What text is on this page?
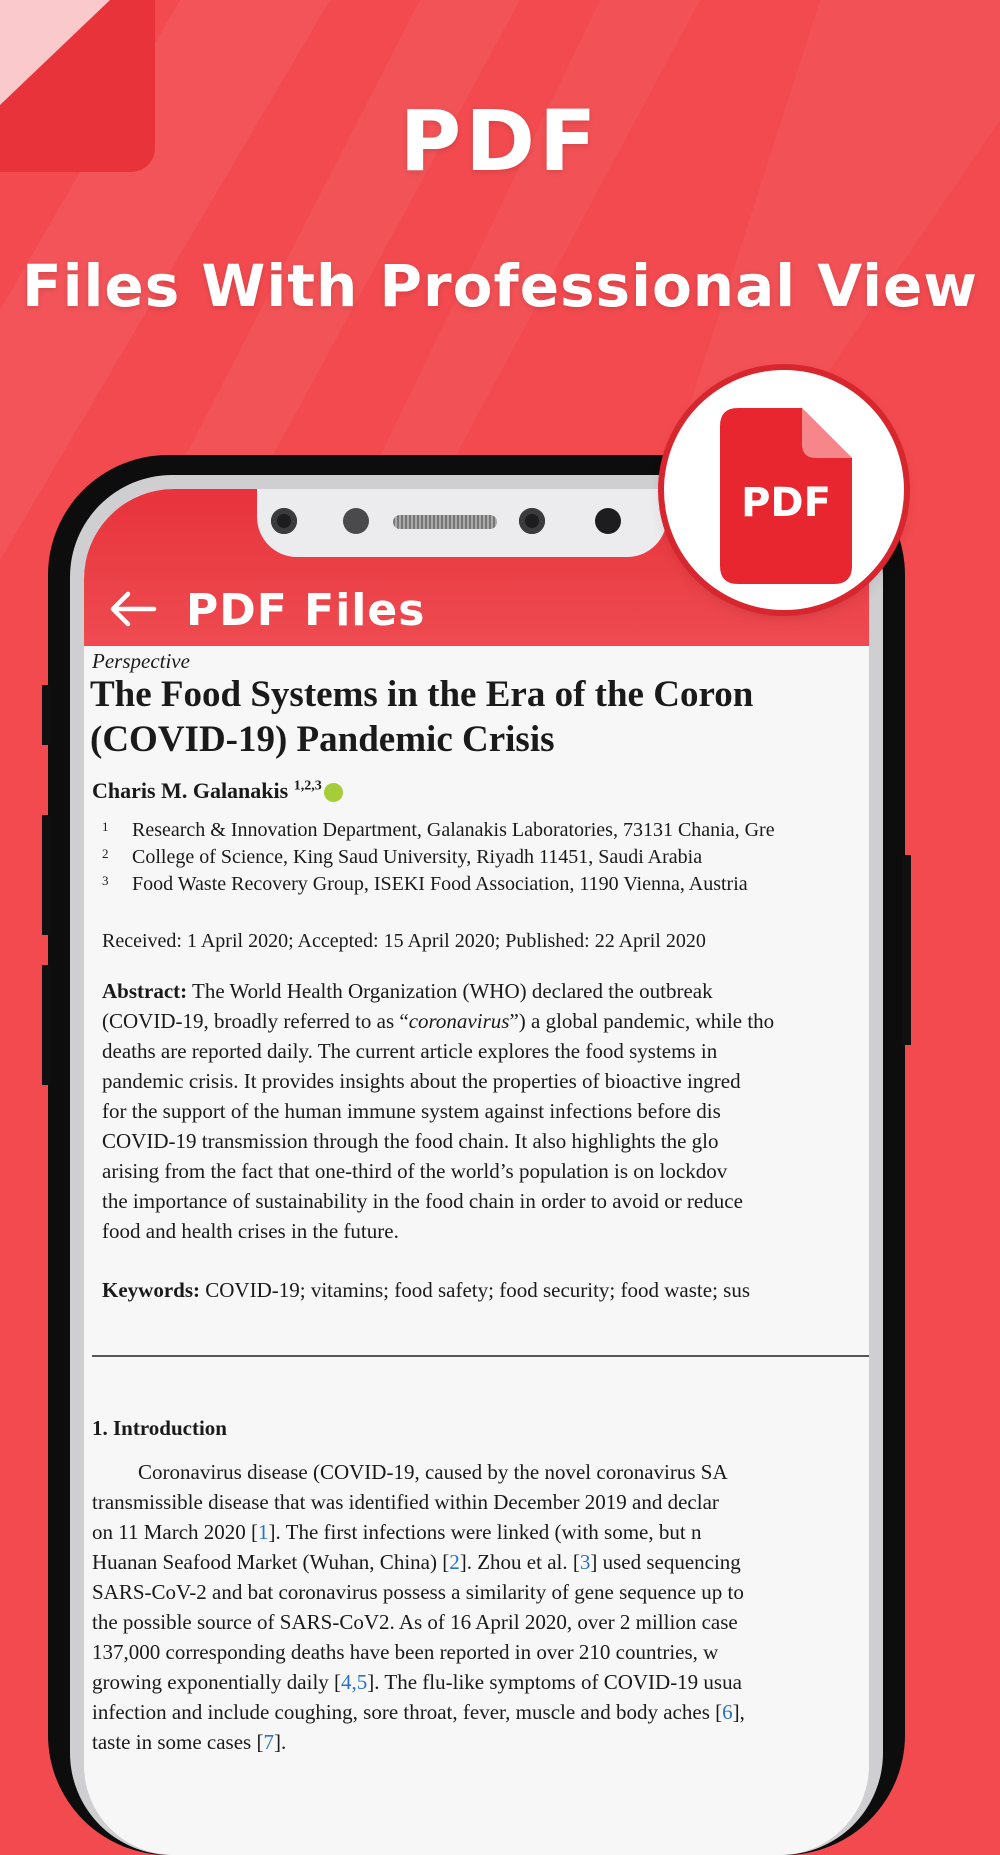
PDF
Files With Professional View
PDF Files
Perspective
The Food Systems in the Era of the Coron
(COVID-19) Pandemic Crisis
Charis M. Galanakis $^{1,2,3}$
1 Research & Innovation Department, Galanakis Laboratories, 73131 Chania, Gre
2 College of Science, King Saud University, Riyadh 11451, Saudi Arabia
3 Food Waste Recovery Group, ISEKI Food Association, 1190 Vienna, Austria
Received: 1 April 2020; Accepted: 15 April 2020; Published: 22 April 2020
Abstract: The World Health Organization (WHO) declared the outbreak
(COVID-19, broadly referred to as “coronavirus”) a global pandemic, while tho
deaths are reported daily. The current article explores the food systems in
pandemic crisis. It provides insights about the properties of bioactive ingred
for the support of the human immune system against infections before dis
COVID-19 transmission through the food chain. It also highlights the glo
arising from the fact that one-third of the world’s population is on lockdov
the importance of sustainability in the food chain in order to avoid or reduce
food and health crises in the future.
Keywords: COVID-19; vitamins; food safety; food security; food waste; sus
1. Introduction
Coronavirus disease (COVID-19, caused by the novel coronavirus SA
transmissible disease that was identified within December 2019 and declar
on 11 March 2020 [1]. The first infections were linked (with some, but n
Huanan Seafood Market (Wuhan, China) [2]. Zhou et al. [3] used sequencing
SARS-CoV-2 and bat coronavirus possess a similarity of gene sequence up to
the possible source of SARS-CoV2. As of 16 April 2020, over 2 million case
137,000 corresponding deaths have been reported in over 210 countries, w
growing exponentially daily [4,5]. The flu-like symptoms of COVID-19 usua
infection and include coughing, sore throat, fever, muscle and body aches [6],
taste in some cases [7].
PDF
